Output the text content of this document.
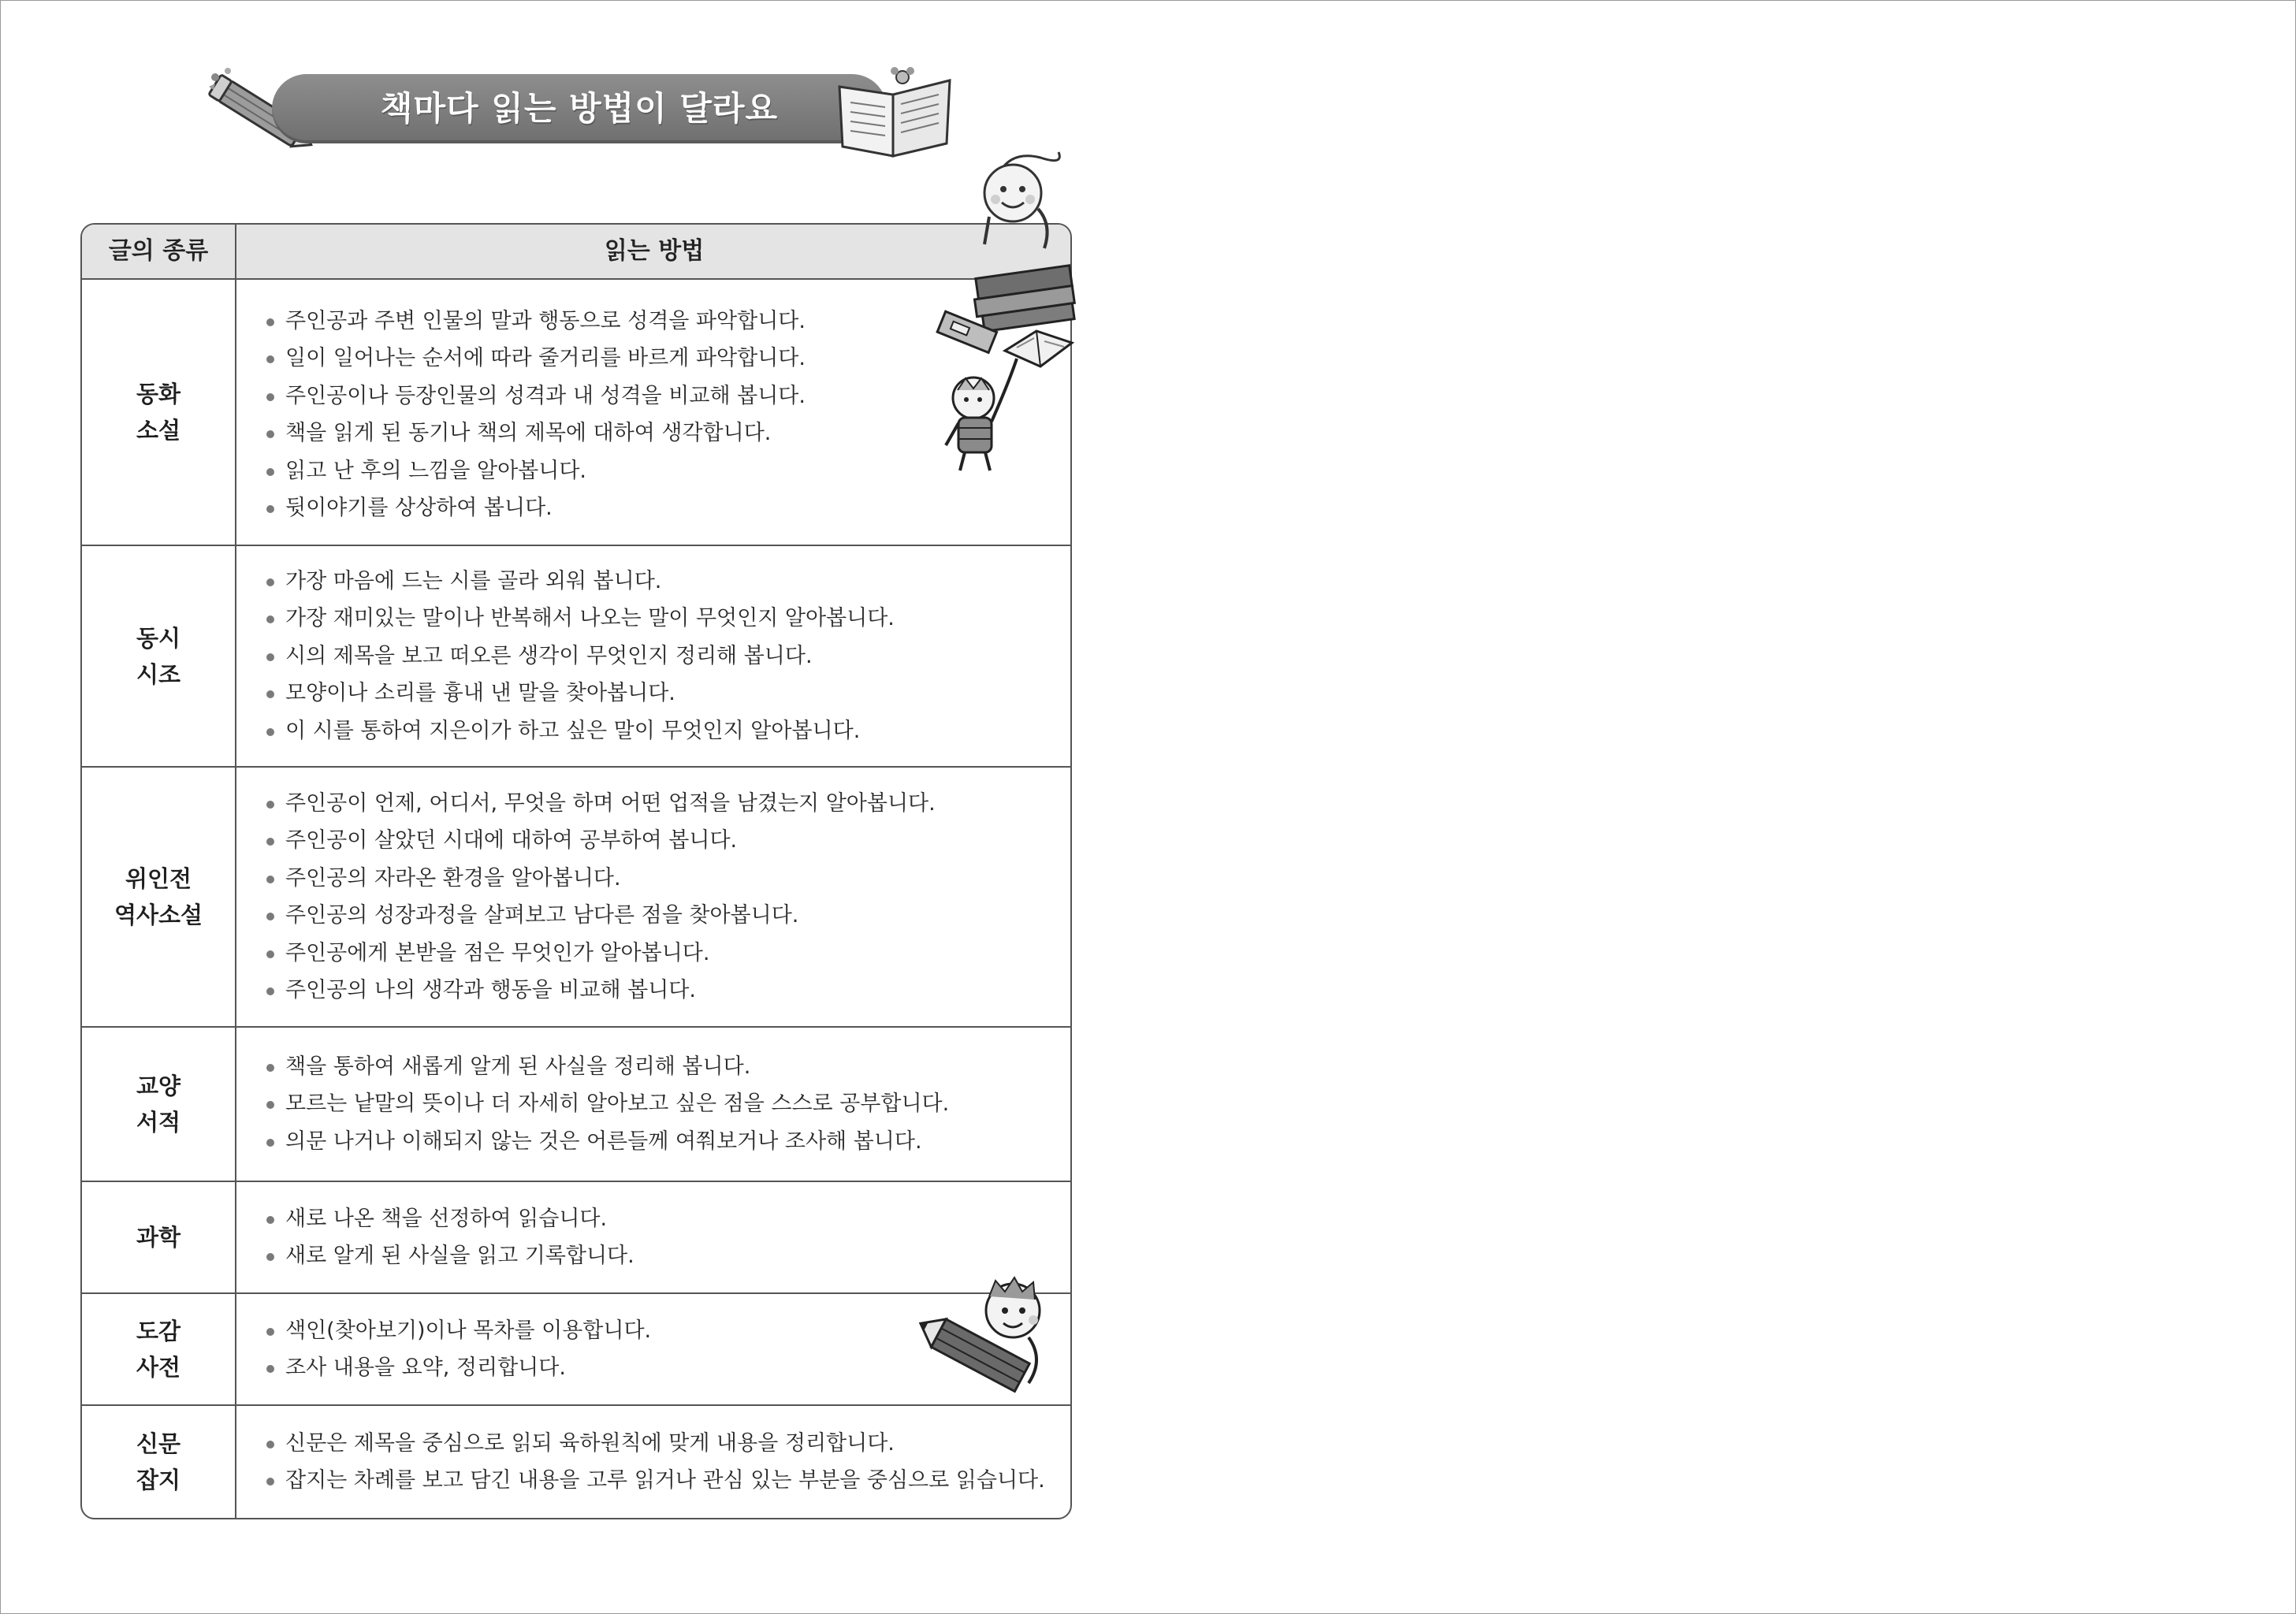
책마다 읽는 방법이 달라요
글의 종류	읽는 방법
동화
소설
주인공과 주변 인물의 말과 행동으로 성격을 파악합니다.
일이 일어나는 순서에 따라 줄거리를 바르게 파악합니다.
주인공이나 등장인물의 성격과 내 성격을 비교해 봅니다.
책을 읽게 된 동기나 책의 제목에 대하여 생각합니다.
읽고 난 후의 느낌을 알아봅니다.
뒷이야기를 상상하여 봅니다.
동시
시조
가장 마음에 드는 시를 골라 외워 봅니다.
가장 재미있는 말이나 반복해서 나오는 말이 무엇인지 알아봅니다.
시의 제목을 보고 떠오른 생각이 무엇인지 정리해 봅니다.
모양이나 소리를 흉내 낸 말을 찾아봅니다.
이 시를 통하여 지은이가 하고 싶은 말이 무엇인지 알아봅니다.
위인전
역사소설
주인공이 언제, 어디서, 무엇을 하며 어떤 업적을 남겼는지 알아봅니다.
주인공이 살았던 시대에 대하여 공부하여 봅니다.
주인공의 자라온 환경을 알아봅니다.
주인공의 성장과정을 살펴보고 남다른 점을 찾아봅니다.
주인공에게 본받을 점은 무엇인가 알아봅니다.
주인공의 나의 생각과 행동을 비교해 봅니다.
교양
서적
책을 통하여 새롭게 알게 된 사실을 정리해 봅니다.
모르는 낱말의 뜻이나 더 자세히 알아보고 싶은 점을 스스로 공부합니다.
의문 나거나 이해되지 않는 것은 어른들께 여쭤보거나 조사해 봅니다.
과학
새로 나온 책을 선정하여 읽습니다.
새로 알게 된 사실을 읽고 기록합니다.
도감
사전
색인(찾아보기)이나 목차를 이용합니다.
조사 내용을 요약, 정리합니다.
신문
잡지
신문은 제목을 중심으로 읽되 육하원칙에 맞게 내용을 정리합니다.
잡지는 차례를 보고 담긴 내용을 고루 읽거나 관심 있는 부분을 중심으로 읽습니다.
